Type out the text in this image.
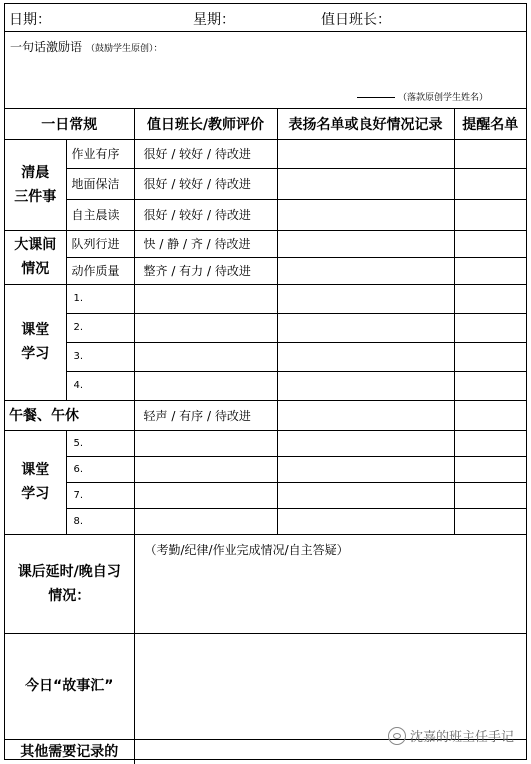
日期：	星期：	值日班长：
一句话激励语 （鼓励学生原创）：
（落款原创学生姓名）
一日常规		值日班长/教师评价	表扬名单或良好情况记录	提醒名单

清晨
三件事	作业有序	很好 / 较好 / 待改进		
	地面保洁	很好 / 较好 / 待改进		
	自主晨读	很好 / 较好 / 待改进		

大课间
情况	队列行进	快 / 静 / 齐 / 待改进		
	动作质量	整齐 / 有力 / 待改进		

课堂
学习	1.			
	2.			
	3.			
	4.			
午餐、午休		轻声 / 有序 / 待改进		

课堂
学习	5.			
	6.			
	7.			
	8.			

课后延时/晚自习
情况：		（考勤/纪律/作业完成情况/自主答疑）		
今日“故事汇”				
其他需要记录的				
沈嘉的班主任手记
